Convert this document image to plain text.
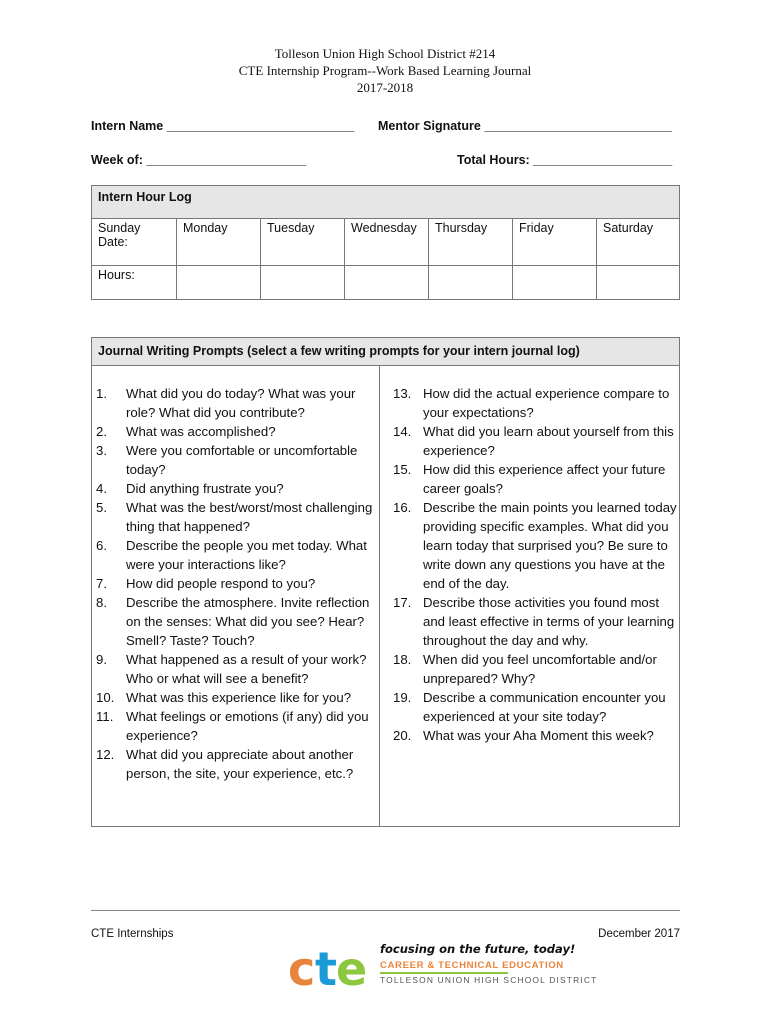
Tolleson Union High School District #214
CTE Internship Program--Work Based Learning Journal
2017-2018
Intern Name ___________________________ Mentor Signature ___________________________
Week of: _______________________	Total Hours: ____________________
Intern Hour Log						

Sunday
Date:	Monday	Tuesday	Wednesday	Thursday	Friday	Saturday

Hours:						

Journal Writing Prompts (select a few writing prompts for your intern journal log)
1. What did you do today? What was your role? What did you contribute?
2. What was accomplished?
3. Were you comfortable or uncomfortable today?
4. Did anything frustrate you?
5. What was the best/worst/most challenging thing that happened?
6. Describe the people you met today. What were your interactions like?
7. How did people respond to you?
8. Describe the atmosphere. Invite reflection on the senses: What did you see? Hear? Smell? Taste? Touch?
9. What happened as a result of your work? Who or what will see a benefit?
10. What was this experience like for you?
11. What feelings or emotions (if any) did you experience?
12. What did you appreciate about another person, the site, your experience, etc.?
13. How did the actual experience compare to your expectations?
14. What did you learn about yourself from this experience?
15. How did this experience affect your future career goals?
16. Describe the main points you learned today providing specific examples. What did you learn today that surprised you? Be sure to write down any questions you have at the end of the day.
17. Describe those activities you found most and least effective in terms of your learning throughout the day and why.
18. When did you feel uncomfortable and/or unprepared? Why?
19. Describe a communication encounter you experienced at your site today?
20. What was your Aha Moment this week?
CTE Internships	December 2017
c t e focusing on the future, today!
CAREER & TECHNICAL EDUCATION
TOLLESON UNION HIGH SCHOOL DISTRICT
